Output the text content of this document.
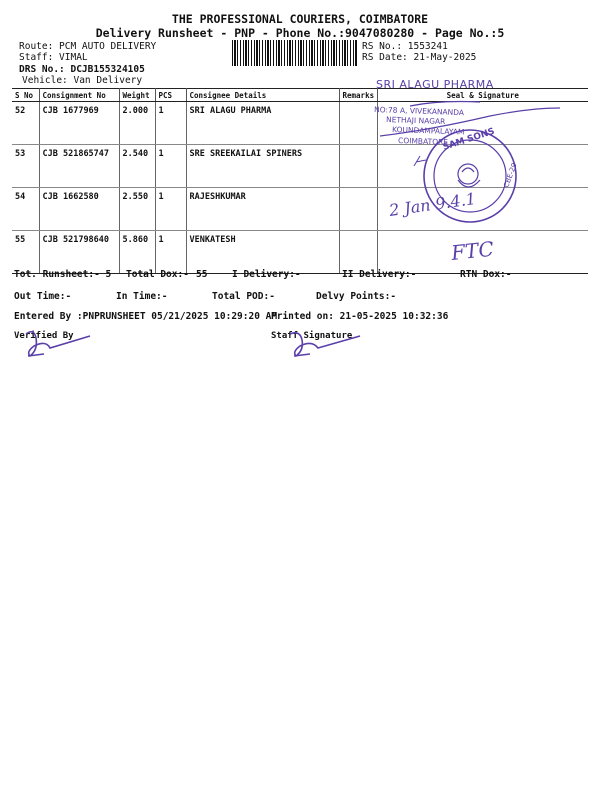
THE PROFESSIONAL COURIERS, COIMBATORE
Delivery Runsheet - PNP - Phone No.:9047080280 - Page No.:5
Route: PCM AUTO DELIVERY
Staff: VIMAL
DRS No.: DCJB155324105
Vehicle: Van Delivery
RS No.: 1553241
RS Date: 21-May-2025
S No	Consignment No	Weight	PCS	Consignee Details	Remarks	Seal & Signature
52	CJB 1677969	2.000	1	SRI ALAGU PHARMA		
53	CJB 521865747	2.540	1	SRE SREEKAILAI SPINERS		
54	CJB 1662580	2.550	1	RAJESHKUMAR		
55	CJB 521798640	5.860	1	VENKATESH		
SRI ALAGU PHARMA
NO:78 A, VIVEKANANDA
NETHAJI NAGAR
KOUNDAMPALAYAM
COIMBATORE
SAM SONS
CBE-29
2 Jan 9.4.1
FTC
Tot. Runsheet:- 5 Total Dox:- 55	I Delivery:-	II Delivery:-	RTN Dox:-
Out Time:-	In Time:-	Total POD:-	Delvy Points:-
Entered By :PNPRUNSHEET 05/21/2025 10:29:20 AM
Printed on: 21-05-2025 10:32:36
Verified By	Staff Signature
